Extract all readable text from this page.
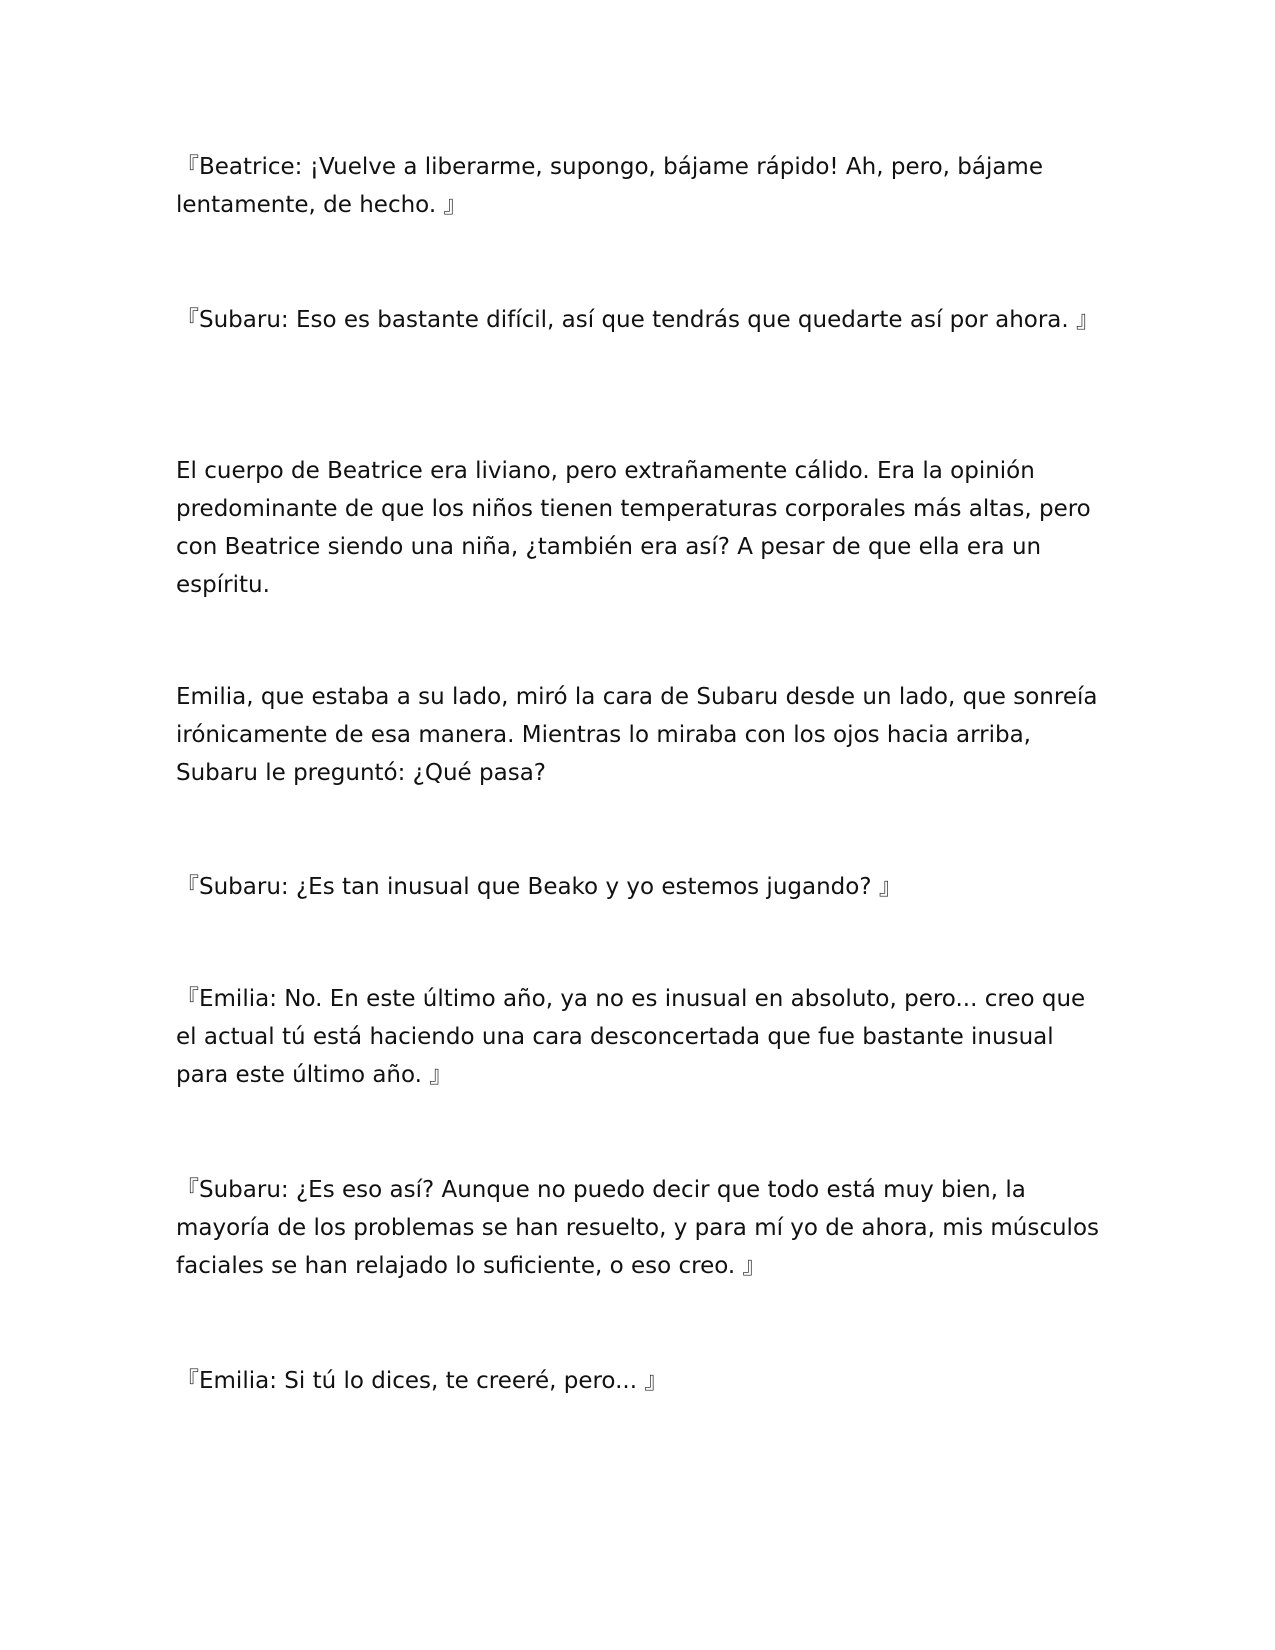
『Beatrice: ¡Vuelve a liberarme, supongo, bájame rápido! Ah, pero, bájame lentamente, de hecho. 』

『Subaru: Eso es bastante difícil, así que tendrás que quedarte así por ahora. 』

El cuerpo de Beatrice era liviano, pero extrañamente cálido. Era la opinión predominante de que los niños tienen temperaturas corporales más altas, pero con Beatrice siendo una niña, ¿también era así? A pesar de que ella era un espíritu.

Emilia, que estaba a su lado, miró la cara de Subaru desde un lado, que sonreía irónicamente de esa manera. Mientras lo miraba con los ojos hacia arriba, Subaru le preguntó: ¿Qué pasa?

『Subaru: ¿Es tan inusual que Beako y yo estemos jugando? 』

『Emilia: No. En este último año, ya no es inusual en absoluto, pero... creo que el actual tú está haciendo una cara desconcertada que fue bastante inusual para este último año. 』

『Subaru: ¿Es eso así? Aunque no puedo decir que todo está muy bien, la mayoría de los problemas se han resuelto, y para mí yo de ahora, mis músculos faciales se han relajado lo suficiente, o eso creo. 』

『Emilia: Si tú lo dices, te creeré, pero... 』
